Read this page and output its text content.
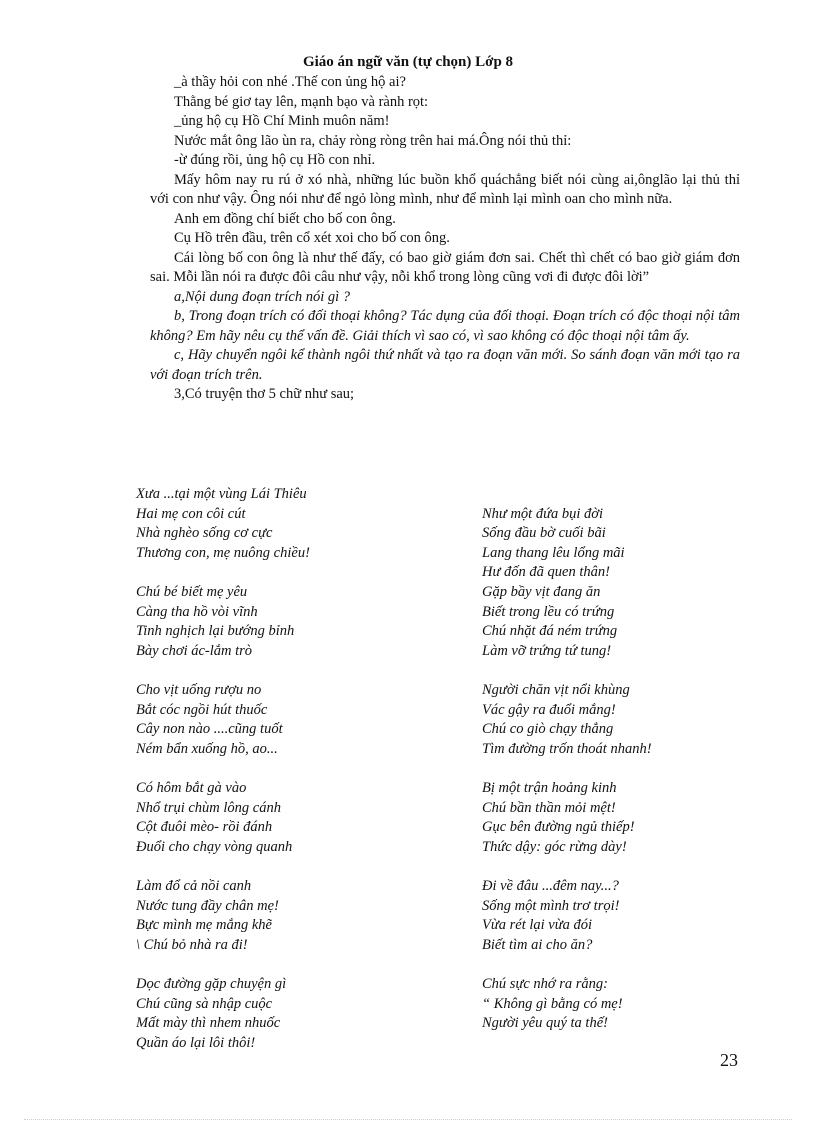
Giáo án ngữ văn (tự chọn) Lớp 8

_à thầy hỏi con nhé .Thế con ủng hộ ai?

Thằng bé giơ tay lên, mạnh bạo và rành rọt:

_ủng hộ cụ Hồ Chí Minh muôn năm!

Nước mắt ông lão ùn ra, chảy ròng ròng trên hai má.Ông nói thủ thỉ:

-ừ đúng rồi, ủng hộ cụ Hồ con nhỉ.

Mấy hôm nay ru rú ở xó nhà, những lúc buồn khổ quáchẳng biết nói cùng ai,ônglão lại thủ thỉ với con như vậy. Ông nói như để ngỏ lòng mình, như để mình lại mình oan cho mình nữa.

Anh em đồng chí biết cho bố con ông.

Cụ Hồ trên đầu, trên cổ xét xoi cho bố con ông.

Cái lòng bố con ông là như thế đấy, có bao giờ giám đơn sai. Chết thì chết có bao giờ giám đơn sai. Mỗi lần nói ra được đôi câu như vậy, nỗi khổ trong lòng cũng vơi đi được đôi lời”

a,Nội dung đoạn trích nói gì ?

b, Trong đoạn trích có đối thoại không? Tác dụng của đối thoại. Đoạn trích có độc thoại nội tâm không? Em hãy nêu cụ thể vấn đề. Giải thích vì sao có, vì sao không có độc thoại nội tâm ấy.

c, Hãy chuyển ngôi kể thành ngôi thứ nhất và tạo ra đoạn văn mới. So sánh đoạn văn mới tạo ra với đoạn trích trên.

3,Có truyện thơ 5 chữ như sau;

Xưa ...tại một vùng Lái Thiêu
Hai mẹ con côi cút
Nhà nghèo sống cơ cực
Thương con, mẹ nuông chiều!
Chú bé biết mẹ yêu
Càng tha hồ vòi vĩnh
Tinh nghịch lại bướng bỉnh
Bày chơi ác-lắm trò
Cho vịt uống rượu no
Bắt cóc ngồi hút thuốc
Cây non nào ....cũng tuốt
Ném bẩn xuống hồ, ao...
Có hôm bắt gà vào
Nhổ trụi chùm lông cánh
Cột đuôi mèo- rồi đánh
Đuổi cho chạy vòng quanh
Làm đổ cả nồi canh
Nước tung đầy chân mẹ!
Bực mình mẹ mắng khẽ
\ Chú bỏ nhà ra đi!
Dọc đường gặp chuyện gì
Chú cũng sà nhập cuộc
Mất mày thì nhem nhuốc
Quần áo lại lôi thôi!
Như một đứa bụi đời
Sống đầu bờ cuối bãi
Lang thang lêu lổng mãi
Hư đốn đã quen thân!
Gặp bầy vịt đang ăn
Biết trong lều có trứng
Chú nhặt đá ném trứng
Làm vỡ trứng tứ tung!
Người chăn vịt nổi khùng
Vác gậy ra đuổi mắng!
Chú co giò chạy thẳng
Tìm đường trốn thoát nhanh!
Bị một trận hoảng kinh
Chú bần thần mỏi mệt!
Gục bên đường ngủ thiếp!
Thức dậy: góc rừng dày!
Đi về đâu ...đêm nay...?
Sống một mình trơ trọi!
Vừa rét lại vừa đói
Biết tìm ai cho ăn?
Chú sực nhớ ra rằng:
“ Không gì bằng có mẹ!
Người yêu quý ta thế!
23
